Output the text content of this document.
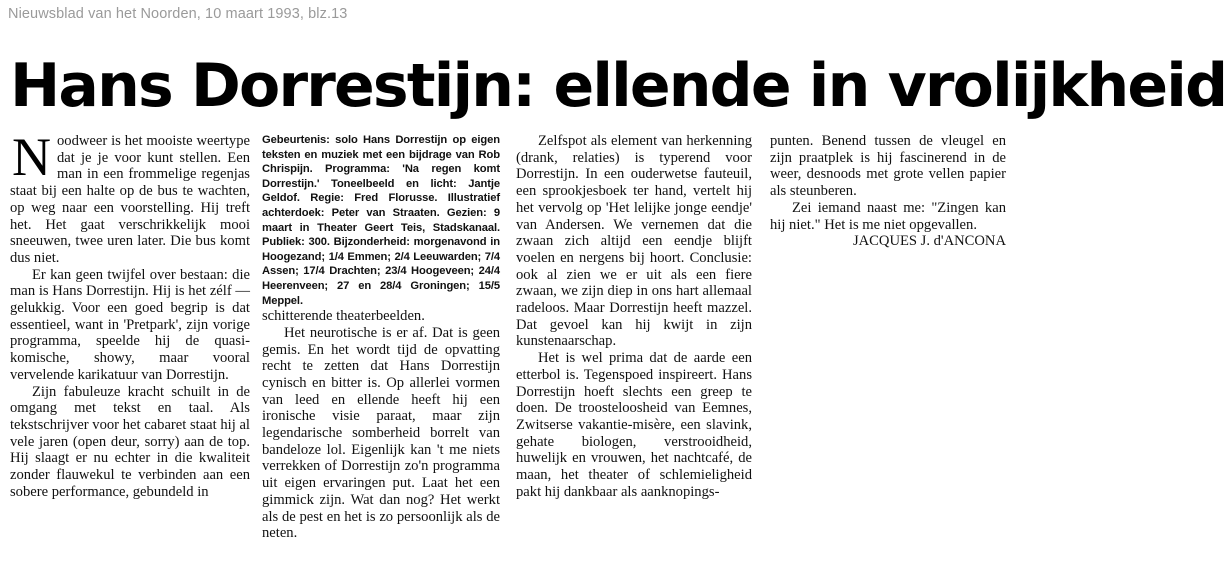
Nieuwsblad van het Noorden, 10 maart 1993, blz.13
Hans Dorrestijn: ellende in vrolijkheid
N oodweer is het mooiste weertype dat je je voor kunt stellen. Een man in een frommelige regenjas staat bij een halte op de bus te wachten, op weg naar een voorstelling. Hij treft het. Het gaat verschrikkelijk mooi sneeuwen, twee uren later. Die bus komt dus niet.

Er kan geen twijfel over bestaan: die man is Hans Dorrestijn. Hij is het zélf — gelukkig. Voor een goed begrip is dat essentieel, want in 'Pretpark', zijn vorige programma, speelde hij de quasi-komische, showy, maar vooral vervelende karikatuur van Dorrestijn.

Zijn fabuleuze kracht schuilt in de omgang met tekst en taal. Als tekstschrijver voor het cabaret staat hij al vele jaren (open deur, sorry) aan de top. Hij slaagt er nu echter in die kwaliteit zonder flauwekul te verbinden aan een sobere performance, gebundeld in

Gebeurtenis: solo Hans Dorrestijn op eigen teksten en muziek met een bijdrage van Rob Chrispijn. Programma: 'Na regen komt Dorrestijn.' Toneelbeeld en licht: Jantje Geldof. Regie: Fred Florusse. Illustratief achterdoek: Peter van Straaten. Gezien: 9 maart in Theater Geert Teis, Stadskanaal. Publiek: 300. Bijzonderheid: morgenavond in Hoogezand; 1/4 Emmen; 2/4 Leeuwarden; 7/4 Assen; 17/4 Drachten; 23/4 Hoogeveen; 24/4 Heerenveen; 27 en 28/4 Groningen; 15/5 Meppel.

schitterende theaterbeelden.

Het neurotische is er af. Dat is geen gemis. En het wordt tijd de opvatting recht te zetten dat Hans Dorrestijn cynisch en bitter is. Op allerlei vormen van leed en ellende heeft hij een ironische visie paraat, maar zijn legendarische somberheid borrelt van bandeloze lol. Eigenlijk kan 't me niets verrekken of Dorrestijn zo'n programma uit eigen ervaringen put. Laat het een gimmick zijn. Wat dan nog? Het werkt als de pest en het is zo persoonlijk als de neten.

Zelfspot als element van herkenning (drank, relaties) is typerend voor Dorrestijn. In een ouderwetse fauteuil, een sprookjesboek ter hand, vertelt hij het vervolg op 'Het lelijke jonge eendje' van Andersen. We vernemen dat die zwaan zich altijd een eendje blijft voelen en nergens bij hoort. Conclusie: ook al zien we er uit als een fiere zwaan, we zijn diep in ons hart allemaal radeloos. Maar Dorrestijn heeft mazzel. Dat gevoel kan hij kwijt in zijn kunstenaarschap.

Het is wel prima dat de aarde een etterbol is. Tegenspoed inspireert. Hans Dorrestijn hoeft slechts een greep te doen. De troosteloosheid van Eemnes, Zwitserse vakantie-misère, een slavink, gehate biologen, verstrooidheid, huwelijk en vrouwen, het nachtcafé, de maan, het theater of schlemieligheid pakt hij dankbaar als aanknopings-

punten. Benend tussen de vleugel en zijn praatplek is hij fascinerend in de weer, desnoods met grote vellen papier als steunberen.

Zei iemand naast me: "Zingen kan hij niet." Het is me niet opgevallen.

JACQUES J. d'ANCONA
